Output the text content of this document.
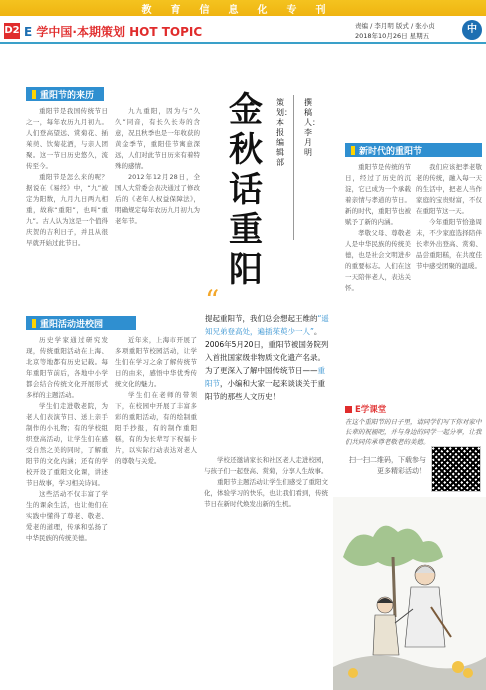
教育信息化专刊
D2 E 学中国·本期策划 HOT TOPIC	责编 / 李月明 版式 / 张小贞
2018年10月26日 星期五
中
重阳节的来历

重阳节是我国传统节日之一，每年农历九月初九。人们登高望远、赏菊花、插茱萸、饮菊花酒，与亲人团聚。这一节日历史悠久，流传至今。

重阳节是怎么来的呢？据说在《易经》中，“九”被定为阳数，九月九日两九相重，故称“重阳”，也叫“重九”。古人认为这是一个值得庆贺的吉利日子，并且从很早就开始过此节日。

九九重阳，因为与“久久”同音，有长久长寿的含意，况且秋季也是一年收获的黄金季节，重阳佳节寓意深远，人们对此节日历来有着特殊的感情。

2012年12月28日，全国人大常委会表决通过了修改后的《老年人权益保障法》，明确规定每年农历九月初九为老年节。

重阳活动进校园

历史学家通过研究发现，传统重阳活动在上海、北京等地都有历史记载。每年重阳节前后，各地中小学都会结合传统文化开展形式多样的主题活动。

学生们走进敬老院，为老人们表演节目、送上亲手制作的小礼物；有的学校组织登高活动，让学生们在感受自然之美的同时，了解重阳节的文化内涵；还有的学校开设了重阳文化课，讲述节日故事，学习相关诗词。

这些活动不仅丰富了学生的课余生活，也让他们在实践中懂得了尊老、敬老、爱老的道理，传承和弘扬了中华民族的传统美德。

近年来，上海市开展了多项重阳节校园活动，让学生们在学习之余了解传统节日的由来，感悟中华优秀传统文化的魅力。

学生们在老师的带领下，在校园中开展了丰富多彩的重阳活动，有的绘制重阳手抄报，有的制作重阳糕，有的为长辈写下祝福卡片，以实际行动表达对老人的尊敬与关爱。	学校还邀请家长和社区老人走进校园，与孩子们一起登高、赏菊，分享人生故事。

重阳节主题活动让学生们感受了重阳文化，体验学习的快乐，也让我们看到，传统节日在新时代焕发出新的生机。

金秋话重阳
策划：本报编辑部
撰稿人：李月明
“
提起重阳节，我们总会想起王维的“遥知兄弟登高处，遍插茱萸少一人”。2006年5月20日，重阳节被国务院列入首批国家级非物质文化遗产名录。为了更深入了解中国传统节日——重阳节，小编和大家一起来谈谈关于重阳节的那些人文历史！
新时代的重阳节

重阳节是传统的节日，经过了历史的沉淀，它已成为一个承载着亲情与孝道的节日。新的时代，重阳节也被赋予了新的内涵。

孝敬父母、尊敬老人是中华民族的传统美德，也是社会文明进步的重要标志。人们在这一天陪伴老人，表达关怀。

我们应该把孝老敬老的传统，融入每一天的生活中，把老人当作家庭的宝贵财富，不仅在重阳节这一天。

今年重阳节恰逢周末，不少家庭选择陪伴长辈外出登高、赏菊、品尝重阳糕，在共度佳节中感受团聚的温暖。

E学课堂
在这个重阳节的日子里，请同学们写下你对家中长辈的祝福吧，并与身边的同学一起分享，让我们共同传承尊老敬老的美德。
扫一扫二维码，下载参与更多精彩活动！
